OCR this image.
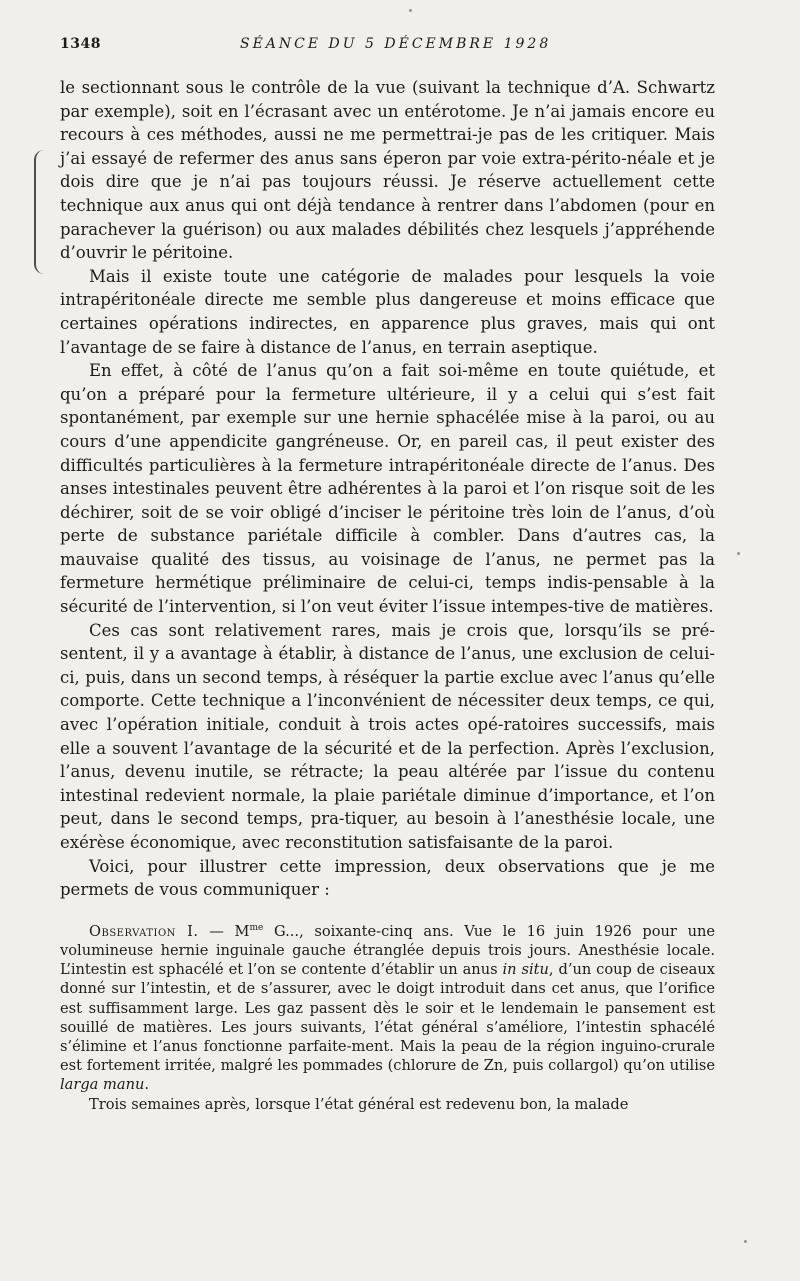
1348	SÉANCE DU 5 DÉCEMBRE 1928

le sectionnant sous le contrôle de la vue (suivant la technique d’A. Schwartz par exemple), soit en l’écrasant avec un entérotome. Je n’ai jamais encore eu recours à ces méthodes, aussi ne me permettrai-je pas de les critiquer. Mais j’ai essayé de refermer des anus sans éperon par voie extra-périto-néale et je dois dire que je n’ai pas toujours réussi. Je réserve actuellement cette technique aux anus qui ont déjà tendance à rentrer dans l’abdomen (pour en parachever la guérison) ou aux malades débilités chez lesquels j’appréhende d’ouvrir le péritoine.

Mais il existe toute une catégorie de malades pour lesquels la voie intrapéritonéale directe me semble plus dangereuse et moins efficace que certaines opérations indirectes, en apparence plus graves, mais qui ont l’avantage de se faire à distance de l’anus, en terrain aseptique.

En effet, à côté de l’anus qu’on a fait soi-même en toute quiétude, et qu’on a préparé pour la fermeture ultérieure, il y a celui qui s’est fait spontanément, par exemple sur une hernie sphacélée mise à la paroi, ou au cours d’une appendicite gangréneuse. Or, en pareil cas, il peut exister des difficultés particulières à la fermeture intrapéritonéale directe de l’anus. Des anses intestinales peuvent être adhérentes à la paroi et l’on risque soit de les déchirer, soit de se voir obligé d’inciser le péritoine très loin de l’anus, d’où perte de substance pariétale difficile à combler. Dans d’autres cas, la mauvaise qualité des tissus, au voisinage de l’anus, ne permet pas la fermeture hermétique préliminaire de celui-ci, temps indis-pensable à la sécurité de l’intervention, si l’on veut éviter l’issue intempes-tive de matières.

Ces cas sont relativement rares, mais je crois que, lorsqu’ils se pré-sentent, il y a avantage à établir, à distance de l’anus, une exclusion de celui-ci, puis, dans un second temps, à réséquer la partie exclue avec l’anus qu’elle comporte. Cette technique a l’inconvénient de nécessiter deux temps, ce qui, avec l’opération initiale, conduit à trois actes opé-ratoires successifs, mais elle a souvent l’avantage de la sécurité et de la perfection. Après l’exclusion, l’anus, devenu inutile, se rétracte; la peau altérée par l’issue du contenu intestinal redevient normale, la plaie pariétale diminue d’importance, et l’on peut, dans le second temps, pra-tiquer, au besoin à l’anesthésie locale, une exérèse économique, avec reconstitution satisfaisante de la paroi.

Voici, pour illustrer cette impression, deux observations que je me permets de vous communiquer :

Observation I. — $M^{me}$ G..., soixante-cinq ans. Vue le 16 juin 1926 pour une volumineuse hernie inguinale gauche étranglée depuis trois jours. Anesthésie locale. L’intestin est sphacélé et l’on se contente d’établir un anus in situ, d’un coup de ciseaux donné sur l’intestin, et de s’assurer, avec le doigt introduit dans cet anus, que l’orifice est suffisamment large. Les gaz passent dès le soir et le lendemain le pansement est souillé de matières. Les jours suivants, l’état général s’améliore, l’intestin sphacélé s’élimine et l’anus fonctionne parfaite-ment. Mais la peau de la région inguino-crurale est fortement irritée, malgré les pommades (chlorure de Zn, puis collargol) qu’on utilise larga manu.

Trois semaines après, lorsque l’état général est redevenu bon, la malade
